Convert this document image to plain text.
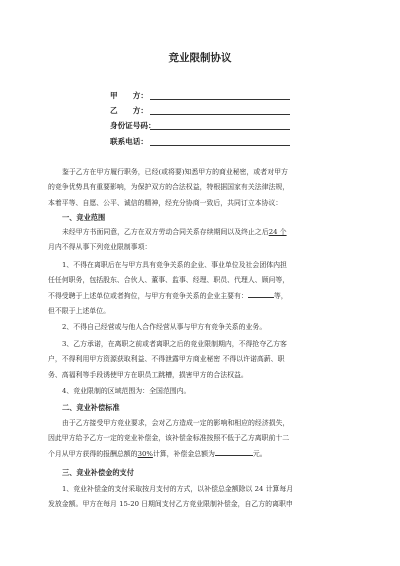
竞业限制协议
甲　　方：
乙　　方：
身份证号码：
联系电话：
鉴于乙方在甲方履行职务，已经(或将要)知悉甲方的商业秘密，或者对甲方
的竞争优势具有重要影响，为保护双方的合法权益，特根据国家有关法律法规，
本着平等、自愿、公平、诚信的精神，经充分协商一致后，共同订立本协议：
一、竞业范围
未经甲方书面同意，乙方在双方劳动合同关系存续期间以及终止之后24 个
月内不得从事下列竞业限制事项：
1、不得在离职后在与甲方具有竞争关系的企业、事业单位及社会团体内担
任任何职务，包括股东、合伙人、董事、监事、经理、职员、代理人、顾问等，
不得受聘于上述单位或者拘位，与甲方有竞争关系的企业主要有：	等，
但不限于上述单位。
2、不得自己经营或与他人合作经营从事与甲方有竞争关系的业务。
3、乙方承诺，在离职之前或者离职之后的竞业限制期内，不得抢夺乙方客
户，不得利用甲方资源获取利益、不得泄露甲方商业秘密 不得以许诺高薪、职
务、高福利等手段诱使甲方在职员工跳槽，损害甲方的合法权益。
4、竞业限制的区域范围为：全国范围内。
二、竞业补偿标准
由于乙方接受甲方竞业要求，会对乙方造成一定的影响和相应的经济损失，
因此甲方给予乙方一定的竞业补偿金，该补偿金标准按照不低于乙方离职前十二
个月从甲方获得的报酬总额的30%计算，补偿金总额为	元。
三、竞业补偿金的支付
1、竞业补偿金的支付采取按月支付的方式，以补偿总金额除以 24 计算每月
发放金额。甲方在每月 15-20 日期间支付乙方竞业限制补偿金，自乙方的离职申
